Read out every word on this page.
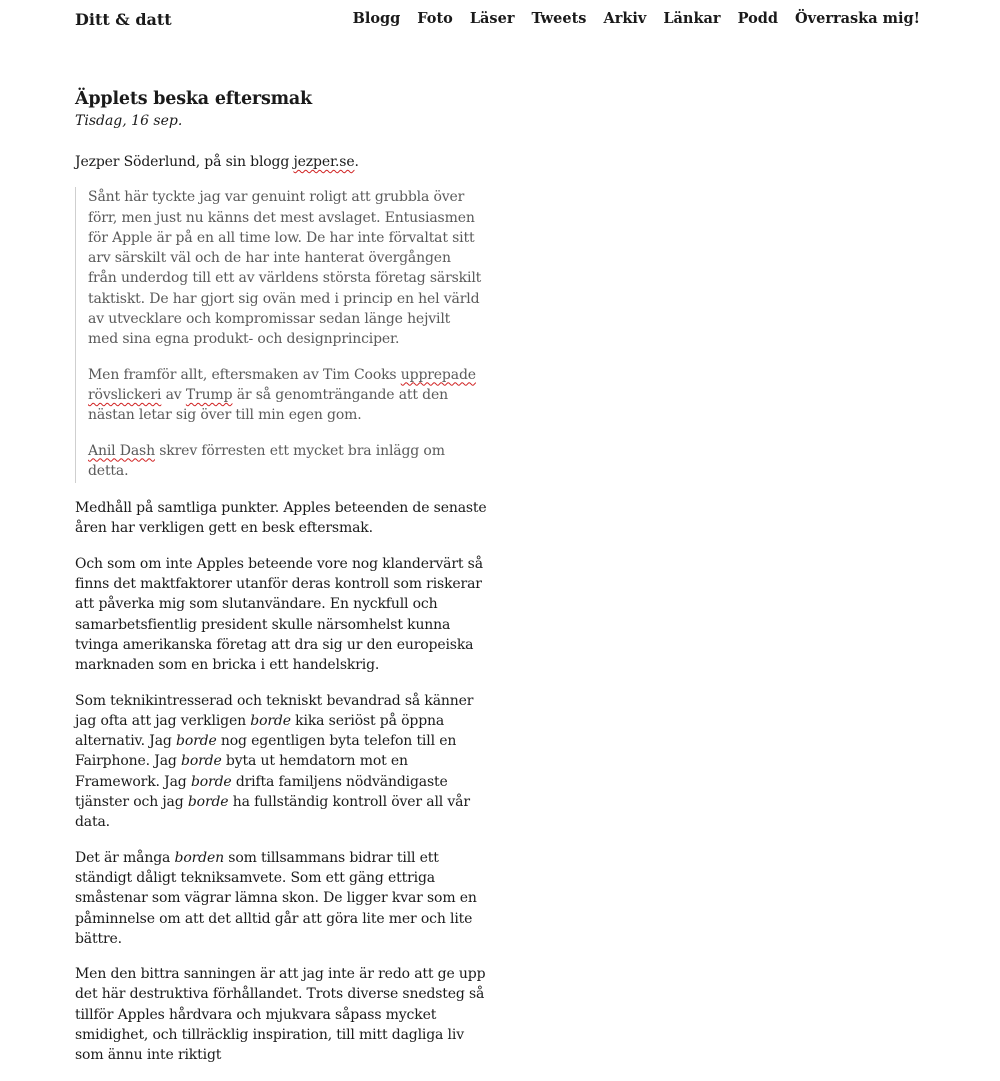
Ditt & datt	Blogg Foto Läser Tweets Arkiv Länkar Podd Överraska mig!
Äpplets beska eftersmak

Tisdag, 16 sep.

Jezper Söderlund, på sin blogg jezper.se.

Sånt här tyckte jag var genuint roligt att grubbla över förr, men just nu känns det mest avslaget. Entusiasmen för Apple är på en all time low. De har inte förvaltat sitt arv särskilt väl och de har inte hanterat övergången från underdog till ett av världens största företag särskilt taktiskt. De har gjort sig ovän med i princip en hel värld av utvecklare och kompromissar sedan länge hejvilt med sina egna produkt- och designprinciper.

Men framför allt, eftersmaken av Tim Cooks upprepade rövslickeri av Trump är så genomträngande att den nästan letar sig över till min egen gom.

Anil Dash skrev förresten ett mycket bra inlägg om detta.

Medhåll på samtliga punkter. Apples beteenden de senaste åren har verkligen gett en besk eftersmak.

Och som om inte Apples beteende vore nog klandervärt så finns det maktfaktorer utanför deras kontroll som riskerar att påverka mig som slutanvändare. En nyckfull och samarbetsfientlig president skulle närsomhelst kunna tvinga amerikanska företag att dra sig ur den europeiska marknaden som en bricka i ett handelskrig.

Som teknikintresserad och tekniskt bevandrad så känner jag ofta att jag verkligen borde kika seriöst på öppna alternativ. Jag borde nog egentligen byta telefon till en Fairphone. Jag borde byta ut hemdatorn mot en Framework. Jag borde drifta familjens nödvändigaste tjänster och jag borde ha fullständig kontroll över all vår data.

Det är många borden som tillsammans bidrar till ett ständigt dåligt tekniksamvete. Som ett gäng ettriga småstenar som vägrar lämna skon. De ligger kvar som en påminnelse om att det alltid går att göra lite mer och lite bättre.

Men den bittra sanningen är att jag inte är redo att ge upp det här destruktiva förhållandet. Trots diverse snedsteg så tillför Apples hårdvara och mjukvara såpass mycket smidighet, och tillräcklig inspiration, till mitt dagliga liv som ännu inte riktigt
